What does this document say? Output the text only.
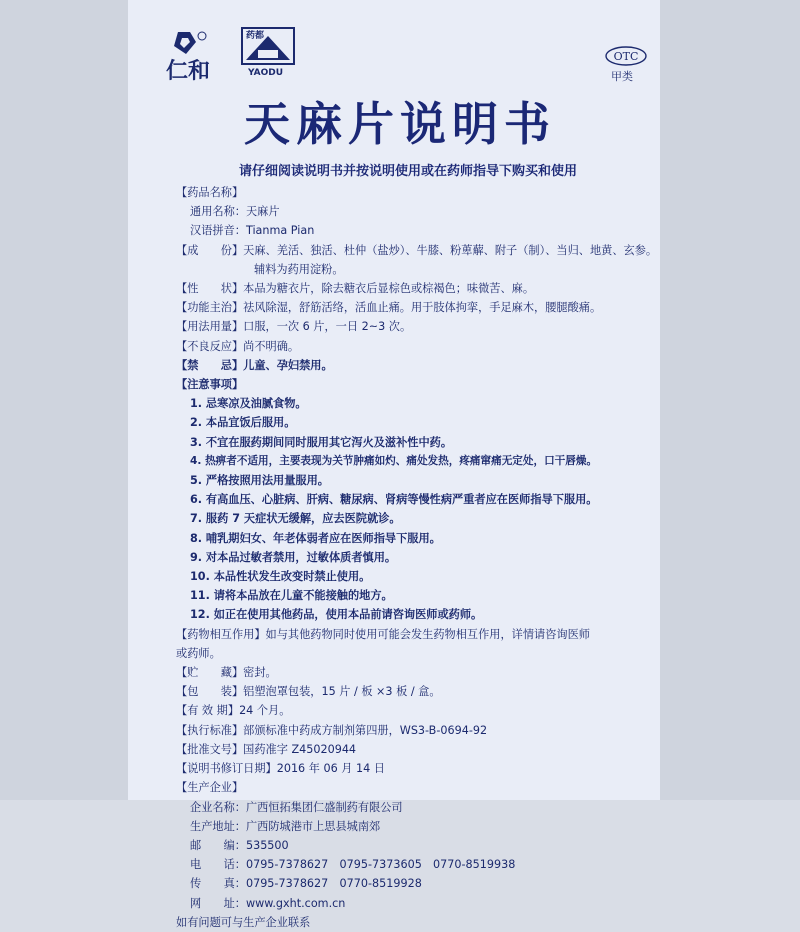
仁和
药都
YAODU
OTC
甲类
天麻片说明书
请仔细阅读说明书并按说明使用或在药师指导下购买和使用
【药品名称】
通用名称：天麻片
汉语拼音：Tianma Pian
【成　　份】天麻、羌活、独活、杜仲（盐炒）、牛膝、粉萆薢、附子（制）、当归、地黄、玄参。
辅料为药用淀粉。
【性　　状】本品为糖衣片，除去糖衣后显棕色或棕褐色；味微苦、麻。
【功能主治】祛风除湿，舒筋活络，活血止痛。用于肢体拘挛，手足麻木，腰腿酸痛。
【用法用量】口服，一次 6 片，一日 2~3 次。
【不良反应】尚不明确。
【禁　　忌】儿童、孕妇禁用。
【注意事项】
1. 忌寒凉及油腻食物。
2. 本品宜饭后服用。
3. 不宜在服药期间同时服用其它泻火及滋补性中药。
4. 热痹者不适用，主要表现为关节肿痛如灼、痛处发热，疼痛窜痛无定处，口干唇燥。
5. 严格按照用法用量服用。
6. 有高血压、心脏病、肝病、糖尿病、肾病等慢性病严重者应在医师指导下服用。
7. 服药 7 天症状无缓解，应去医院就诊。
8. 哺乳期妇女、年老体弱者应在医师指导下服用。
9. 对本品过敏者禁用，过敏体质者慎用。
10. 本品性状发生改变时禁止使用。
11. 请将本品放在儿童不能接触的地方。
12. 如正在使用其他药品，使用本品前请咨询医师或药师。
【药物相互作用】如与其他药物同时使用可能会发生药物相互作用，详情请咨询医师
或药师。
【贮　　藏】密封。
【包　　装】铝塑泡罩包装，15 片 / 板 ×3 板 / 盒。
【有 效 期】24 个月。
【执行标准】部颁标准中药成方制剂第四册，WS3-B-0694-92
【批准文号】国药准字 Z45020944
【说明书修订日期】2016 年 06 月 14 日
【生产企业】
企业名称：广西恒拓集团仁盛制药有限公司
生产地址：广西防城港市上思县城南郊
邮　　编：535500
电　　话：0795-7378627　0795-7373605　0770-8519938
传　　真：0795-7378627　0770-8519928
网　　址：www.gxht.com.cn
如有问题可与生产企业联系
